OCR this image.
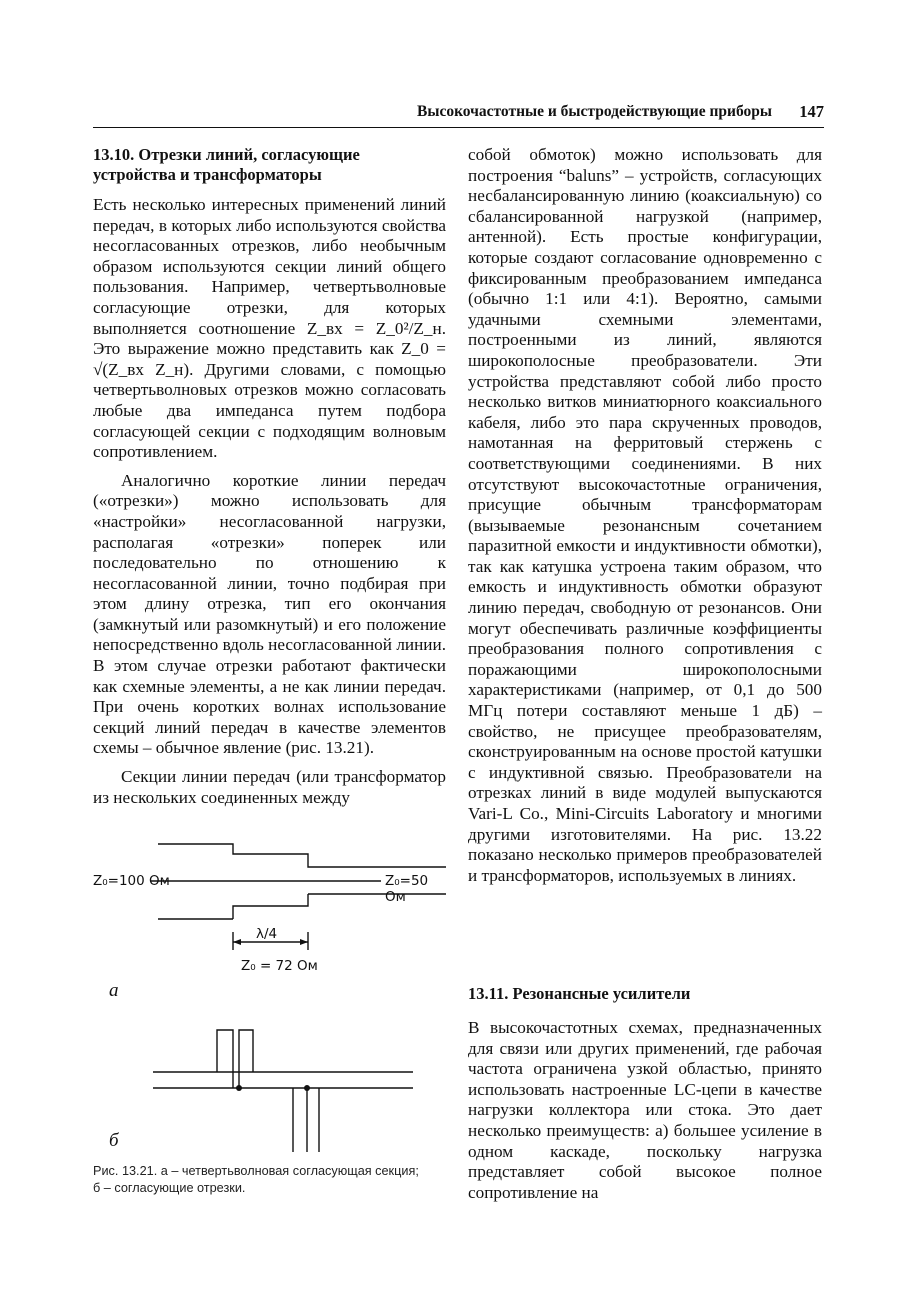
Высокочастотные и быстродействующие приборы 147
13.10. Отрезки линий, согласующие устройства и трансформаторы

Есть несколько интересных применений линий передач, в которых либо используются свойства несогласованных отрезков, либо необычным образом используются секции линий общего пользования. Например, четвертьволновые согласующие отрезки, для которых выполняется соотношение Z_вх = Z_0²/Z_н. Это выражение можно представить как Z_0 = √(Z_вх Z_н). Другими словами, с помощью четвертьволновых отрезков можно согласовать любые два импеданса путем подбора согласующей секции с подходящим волновым сопротивлением.

Аналогично короткие линии передач («отрезки») можно использовать для «настройки» несогласованной нагрузки, располагая «отрезки» поперек или последовательно по отношению к несогласованной линии, точно подбирая при этом длину отрезка, тип его окончания (замкнутый или разомкнутый) и его положение непосредственно вдоль несогласованной линии. В этом случае отрезки работают фактически как схемные элементы, а не как линии передач. При очень коротких волнах использование секций линий передач в качестве элементов схемы – обычное явление (рис. 13.21).

Секции линии передач (или трансформатор из нескольких соединенных между

Z₀=100 Ом	Z₀=50 Ом
λ/4
Z₀ = 72 Ом
а
б
Рис. 13.21. а – четвертьволновая согласующая секция;
б – согласующие отрезки.

собой обмоток) можно использовать для построения “baluns” – устройств, согласующих несбалансированную линию (коаксиальную) со сбалансированной нагрузкой (например, антенной). Есть простые конфигурации, которые создают согласование одновременно с фиксированным преобразованием импеданса (обычно 1:1 или 4:1). Вероятно, самыми удачными схемными элементами, построенными из линий, являются широкополосные преобразователи. Эти устройства представляют собой либо просто несколько витков миниатюрного коаксиального кабеля, либо это пара скрученных проводов, намотанная на ферритовый стержень с соответствующими соединениями. В них отсутствуют высокочастотные ограничения, присущие обычным трансформаторам (вызываемые резонансным сочетанием паразитной емкости и индуктивности обмотки), так как катушка устроена таким образом, что емкость и индуктивность обмотки образуют линию передач, свободную от резонансов. Они могут обеспечивать различные коэффициенты преобразования полного сопротивления с поражающими широкополосными характеристиками (например, от 0,1 до 500 МГц потери составляют меньше 1 дБ) – свойство, не присущее преобразователям, сконструированным на основе простой катушки с индуктивной связью. Преобразователи на отрезках линий в виде модулей выпускаются Vari-L Co., Mini-Circuits Laboratory и многими другими изготовителями. На рис. 13.22 показано несколько примеров преобразователей и трансформаторов, используемых в линиях.

13.11. Резонансные усилители

В высокочастотных схемах, предназначенных для связи или других применений, где рабочая частота ограничена узкой областью, принято использовать настроенные LC-цепи в качестве нагрузки коллектора или стока. Это дает несколько преимуществ: а) большее усиление в одном каскаде, поскольку нагрузка представляет собой высокое полное сопротивление на
